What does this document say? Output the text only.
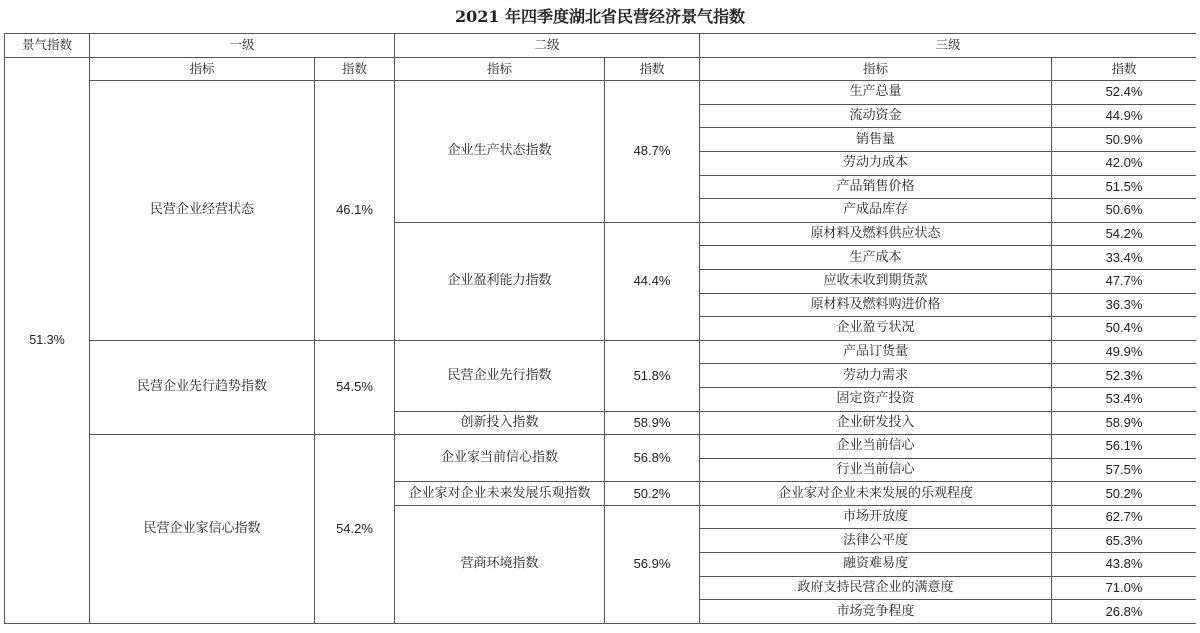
2021 年四季度湖北省民营经济景气指数
景气指数	一级		二级		三级	
51.3%	指标	指数	指标	指数	指标	指数
	民营企业经营状态	46.1%	企业生产状态指数	48.7%	生产总量	52.4%
					流动资金	44.9%
					销售量	50.9%
					劳动力成本	42.0%
					产品销售价格	51.5%
					产成品库存	50.6%
			企业盈利能力指数	44.4%	原材料及燃料供应状态	54.2%
					生产成本	33.4%
					应收未收到期货款	47.7%
					原材料及燃料购进价格	36.3%
					企业盈亏状况	50.4%
	民营企业先行趋势指数	54.5%	民营企业先行指数	51.8%	产品订货量	49.9%
					劳动力需求	52.3%
					固定资产投资	53.4%
			创新投入指数	58.9%	企业研发投入	58.9%
	民营企业家信心指数	54.2%	企业家当前信心指数	56.8%	企业当前信心	56.1%
					行业当前信心	57.5%
			企业家对企业未来发展乐观指数	50.2%	企业家对企业未来发展的乐观程度	50.2%
			营商环境指数	56.9%	市场开放度	62.7%
					法律公平度	65.3%
					融资难易度	43.8%
					政府支持民营企业的满意度	71.0%
					市场竞争程度	26.8%
